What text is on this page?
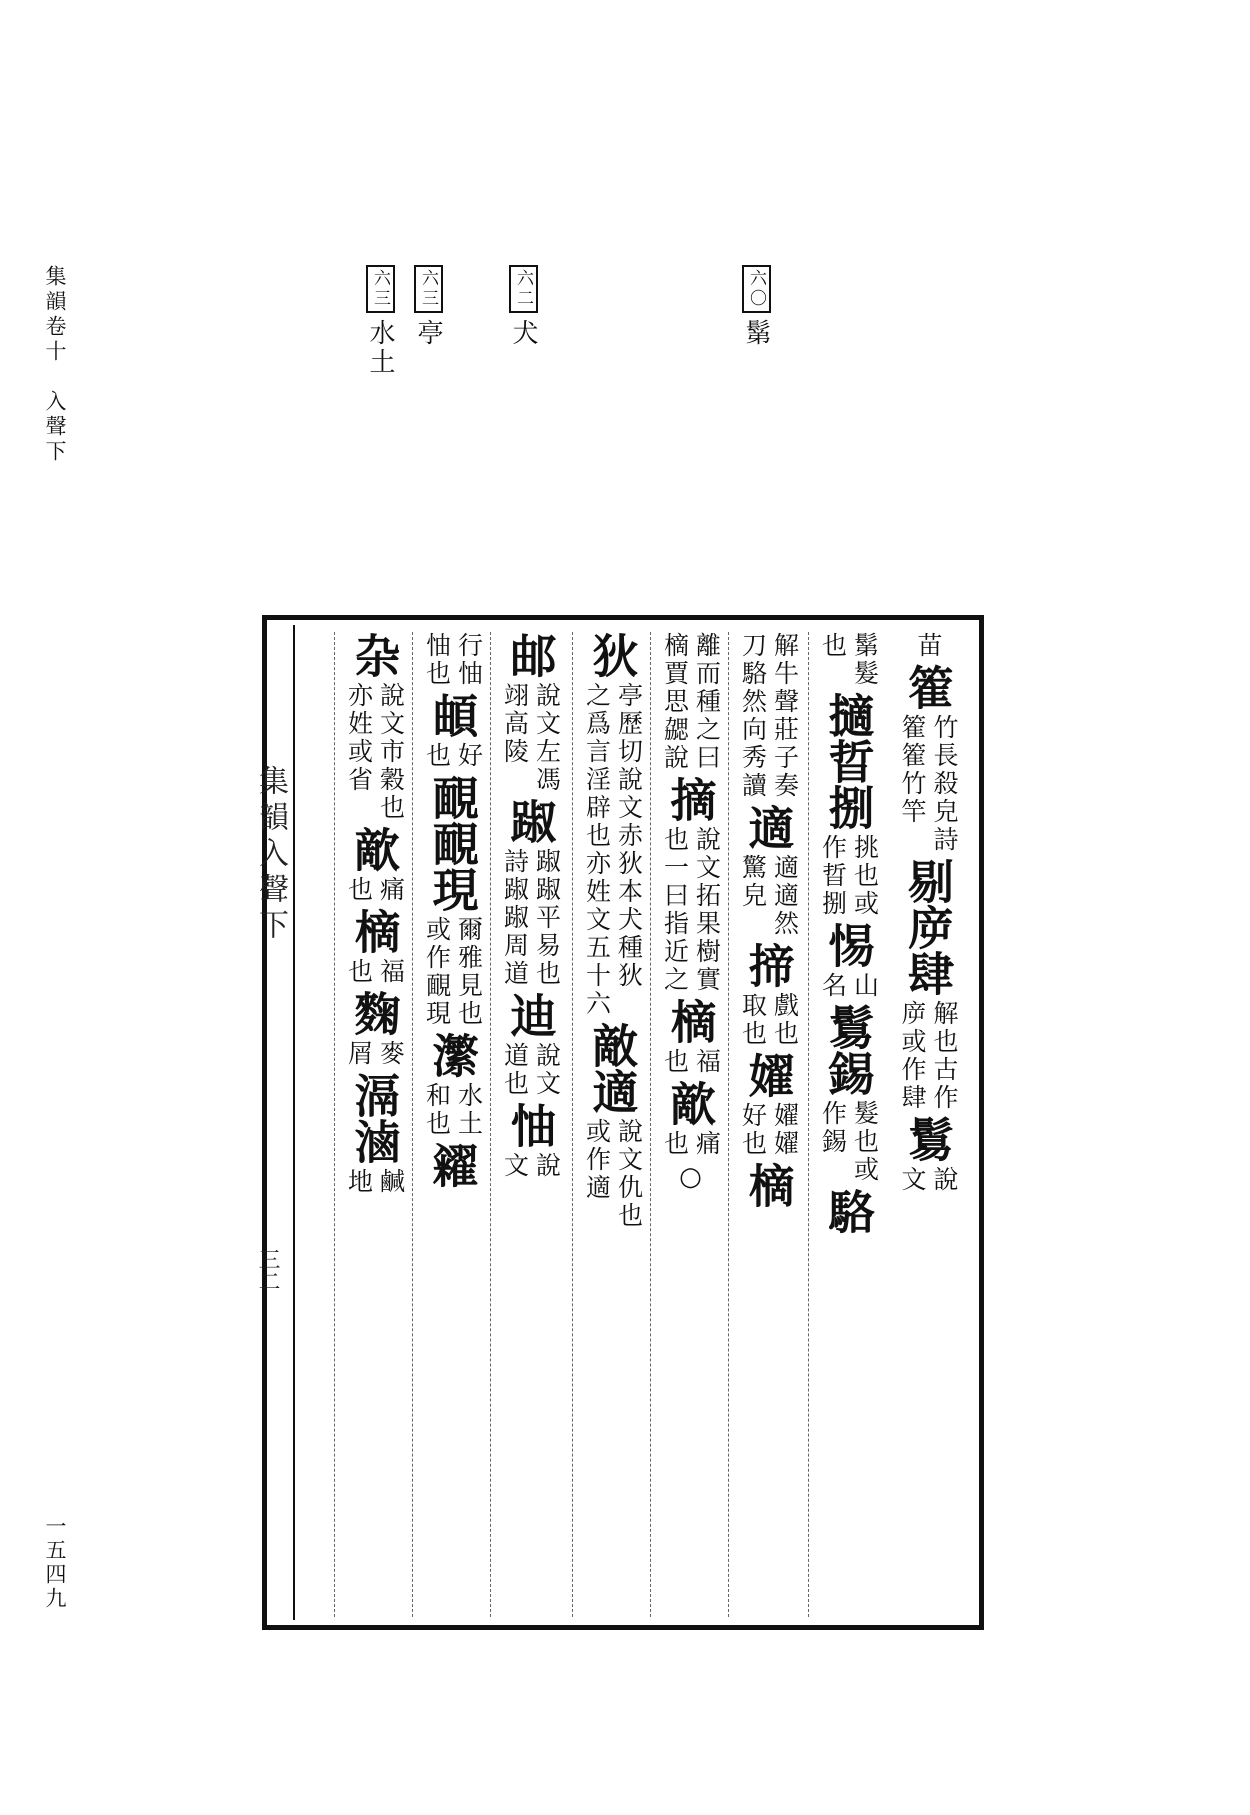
集韻卷十　入聲下
一五四九
六〇鬀
六二犬
六三亭
六三水土
集韻入聲下
三二
苗
篧
竹長殺皃詩
篧篧竹竿
剔㡿肆
解也古作
㡿或作肆
鬄
說
文
鬀髮
也
擿晢捌
挑也或
作晢捌
惕
山
名
鬄錫
髮也或
作錫
駱
解牛聲莊子奏
刀駱然向秀讀
適
適適然
驚皃
揥
戲也
取也
嬥
嬥嬥
好也
樀
離而種之曰
樀賈思勰說
摘
說文拓果樹實
也一曰指近之
樀
福
也
歒
痛
也
○
狄
亭歷切說文赤狄本犬種狄
之爲言淫辟也亦姓文五十六
敵適
說文仇也
或作適
邮
說文左馮
翊高陵
踧
踧踧平易也
詩踧踧周道
迪
說文
道也
怞
說
文
行怞
怞也
頔
好
也
靦靦現
爾雅見也
或作靦現
瀿
水土
和也
糴
杂
說文市穀也
亦姓或省
歒
痛
也
樀
福
也
麴
麥
屑
滆滷
鹹
地
